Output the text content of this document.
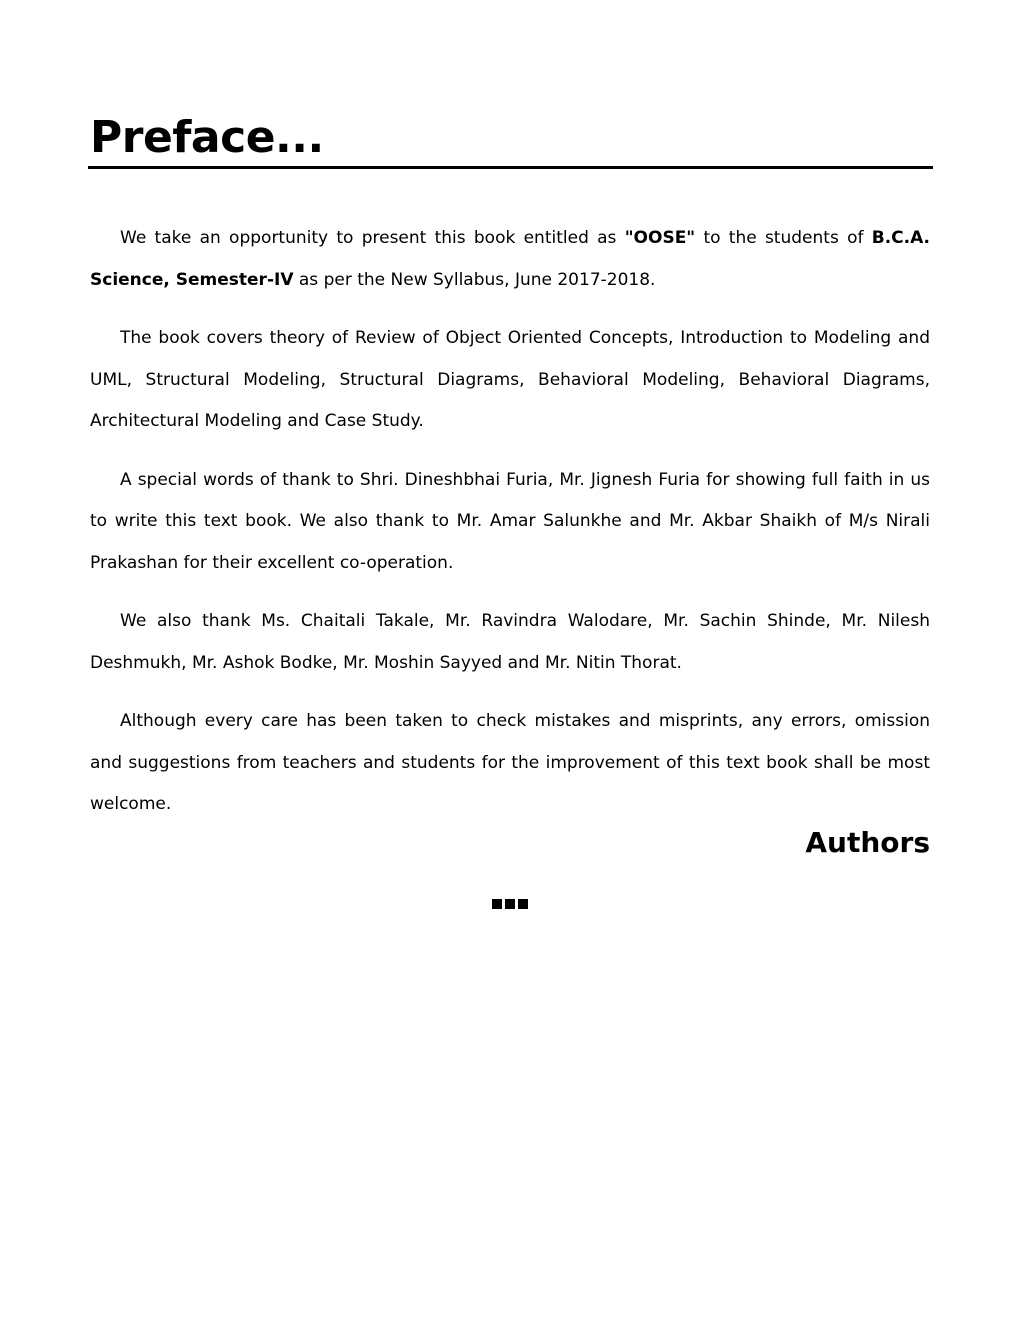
Preface...

We take an opportunity to present this book entitled as "OOSE" to the students of B.C.A. Science, Semester-IV as per the New Syllabus, June 2017-2018.

The book covers theory of Review of Object Oriented Concepts, Introduction to Modeling and UML, Structural Modeling, Structural Diagrams, Behavioral Modeling, Behavioral Diagrams, Architectural Modeling and Case Study.

A special words of thank to Shri. Dineshbhai Furia, Mr. Jignesh Furia for showing full faith in us to write this text book. We also thank to Mr. Amar Salunkhe and Mr. Akbar Shaikh of M/s Nirali Prakashan for their excellent co-operation.

We also thank Ms. Chaitali Takale, Mr. Ravindra Walodare, Mr. Sachin Shinde, Mr. Nilesh Deshmukh, Mr. Ashok Bodke, Mr. Moshin Sayyed and Mr. Nitin Thorat.

Although every care has been taken to check mistakes and misprints, any errors, omission and suggestions from teachers and students for the improvement of this text book shall be most welcome.

Authors
